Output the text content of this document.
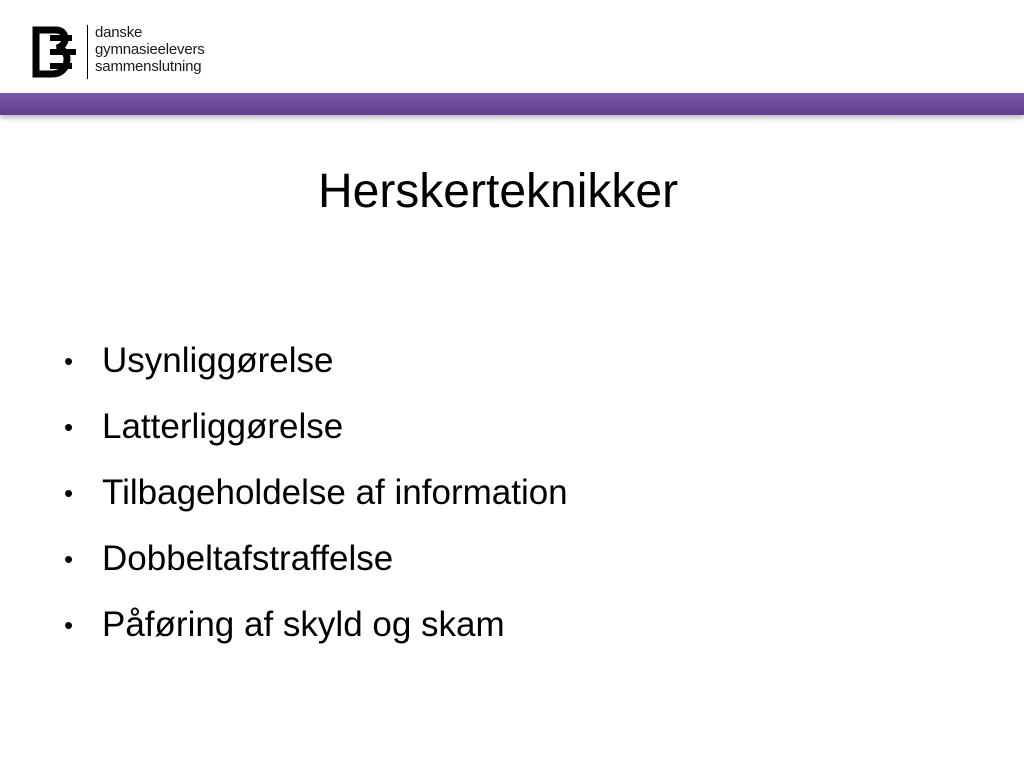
danske
gymnasieelevers
sammenslutning
Herskerteknikker
• Usynliggørelse
• Latterliggørelse
• Tilbageholdelse af information
• Dobbeltafstraffelse
• Påføring af skyld og skam
